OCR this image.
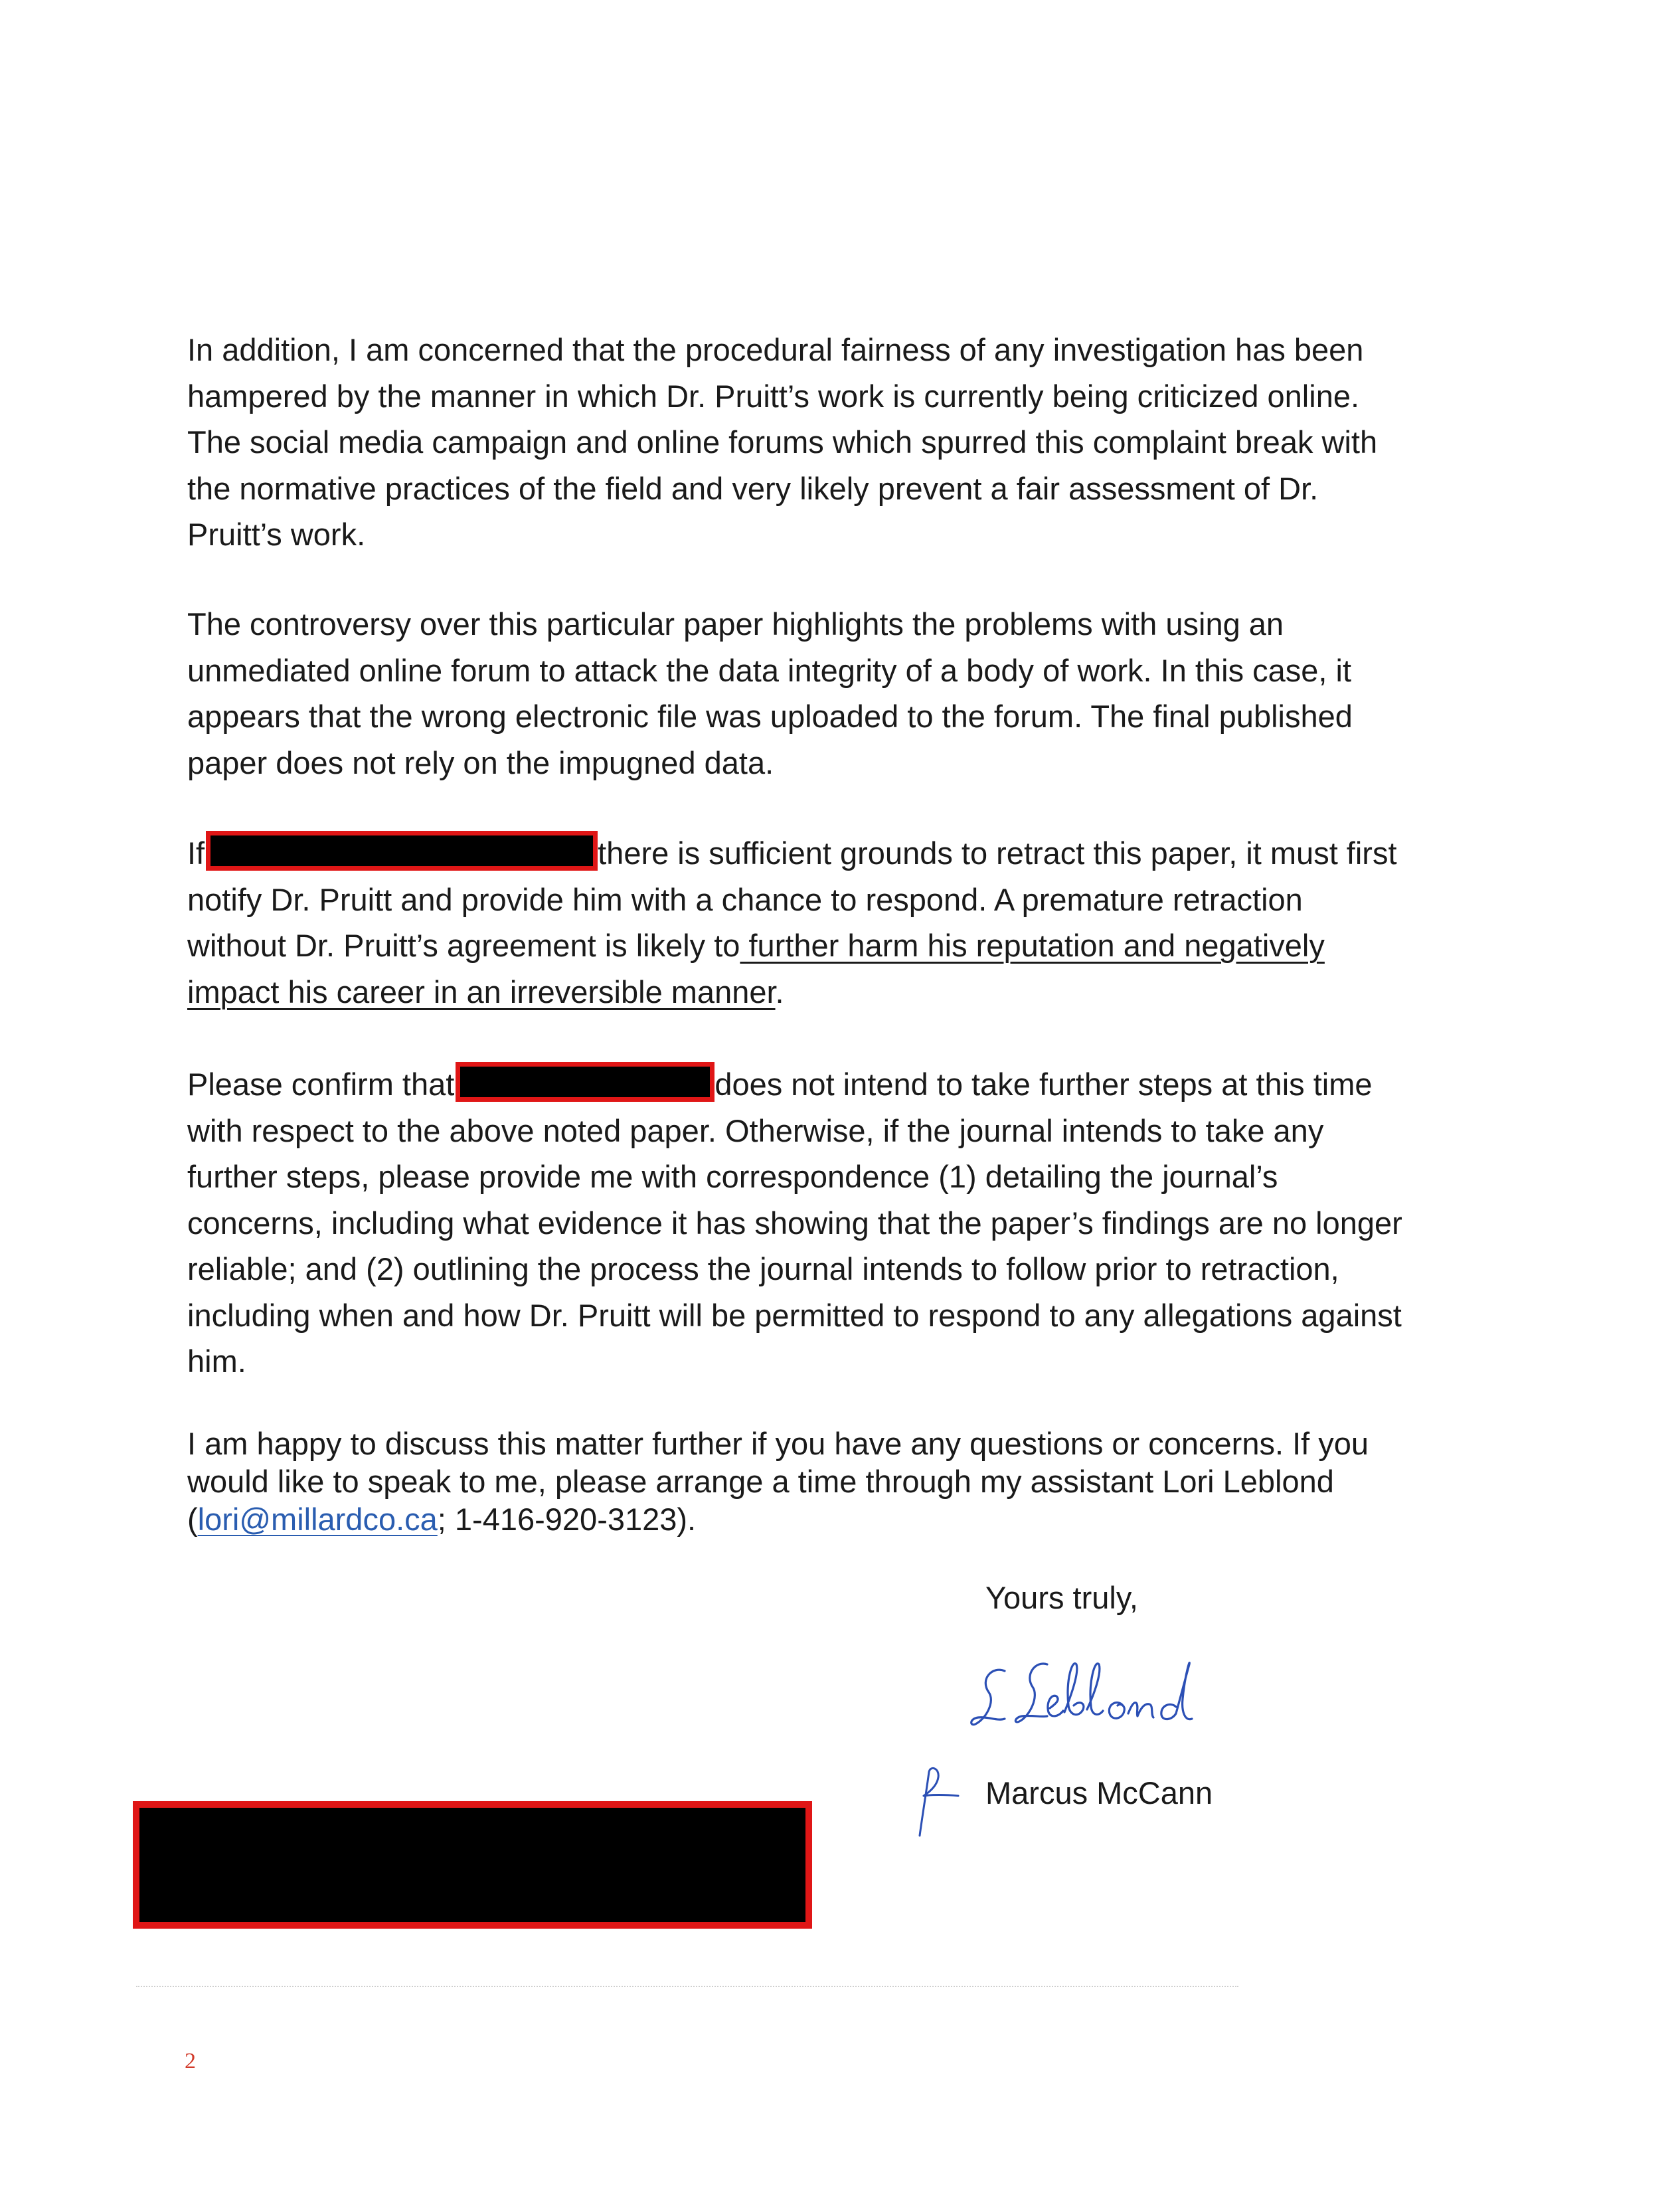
In addition, I am concerned that the procedural fairness of any investigation has been
hampered by the manner in which Dr. Pruitt’s work is currently being criticized online.
The social media campaign and online forums which spurred this complaint break with
the normative practices of the field and very likely prevent a fair assessment of Dr.
Pruitt’s work.

The controversy over this particular paper highlights the problems with using an
unmediated online forum to attack the data integrity of a body of work. In this case, it
appears that the wrong electronic file was uploaded to the forum. The final published
paper does not rely on the impugned data.

If	there is sufficient grounds to retract this paper, it must first
notify Dr. Pruitt and provide him with a chance to respond. A premature retraction
without Dr. Pruitt’s agreement is likely to further harm his reputation and negatively
impact his career in an irreversible manner.

Please confirm that	does not intend to take further steps at this time
with respect to the above noted paper. Otherwise, if the journal intends to take any
further steps, please provide me with correspondence (1) detailing the journal’s
concerns, including what evidence it has showing that the paper’s findings are no longer
reliable; and (2) outlining the process the journal intends to follow prior to retraction,
including when and how Dr. Pruitt will be permitted to respond to any allegations against
him.

I am happy to discuss this matter further if you have any questions or concerns. If you
would like to speak to me, please arrange a time through my assistant Lori Leblond
(lori@millardco.ca; 1-416-920-3123).

Yours truly,

Marcus McCann

2
